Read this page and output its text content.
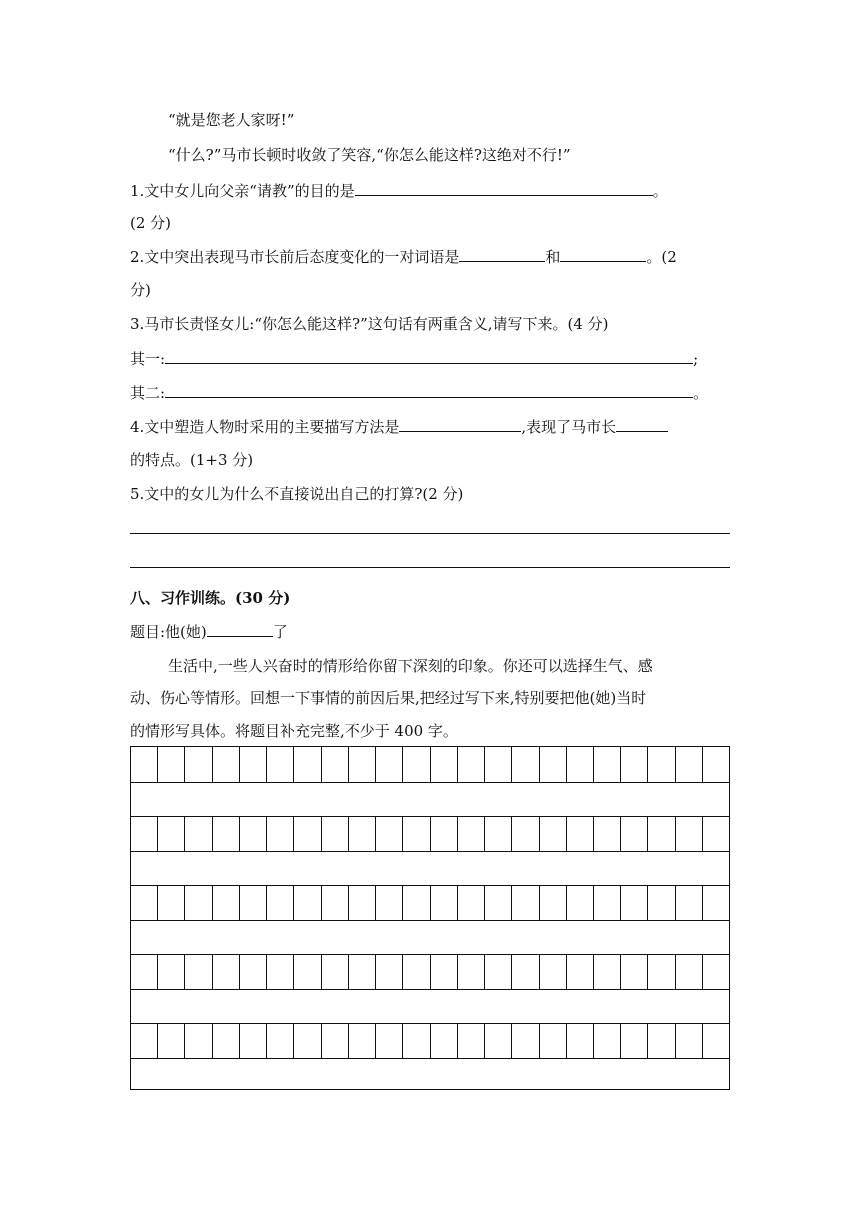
“就是您老人家呀!”
“什么?”马市长顿时收敛了笑容,“你怎么能这样?这绝对不行!”
1.文中女儿向父亲“请教”的目的是	。
(2 分)
2.文中突出表现马市长前后态度变化的一对词语是	和	。(2
分)
3.马市长责怪女儿:“你怎么能这样?”这句话有两重含义,请写下来。(4 分)
其一:	;
其二:	。
4.文中塑造人物时采用的主要描写方法是	,表现了马市长
的特点。(1+3 分)
5.文中的女儿为什么不直接说出自己的打算?(2 分)
八、习作训练。(30 分)
题目:他(她)	了
生活中,一些人兴奋时的情形给你留下深刻的印象。你还可以选择生气、感
动、伤心等情形。回想一下事情的前因后果,把经过写下来,特别要把他(她)当时
的情形写具体。将题目补充完整,不少于 400 字。
